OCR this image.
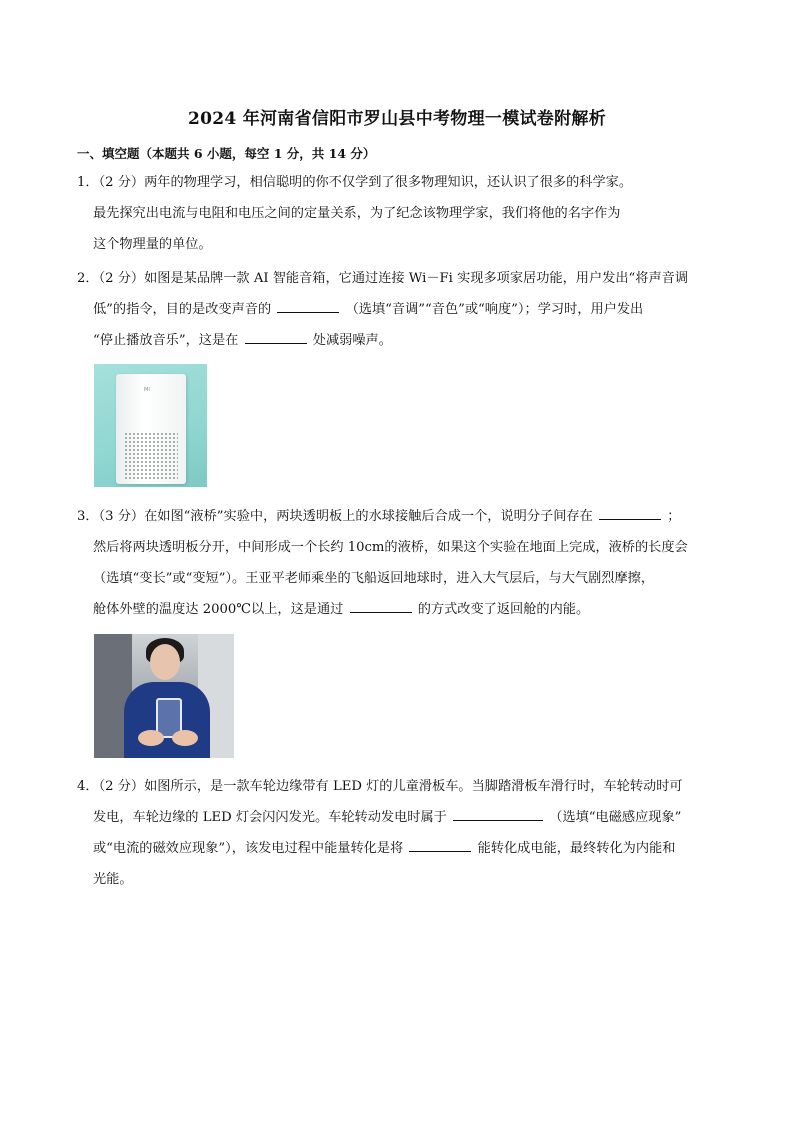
2024 年河南省信阳市罗山县中考物理一模试卷附解析
一、填空题（本题共 6 小题，每空 1 分，共 14 分）
1．（2 分）两年的物理学习，相信聪明的你不仅学到了很多物理知识，还认识了很多的科学家。
最先探究出电流与电阻和电压之间的定量关系，为了纪念该物理学家，我们将他的名字作为
这个物理量的单位。
2．（2 分）如图是某品牌一款 AI 智能音箱，它通过连接 Wi－Fi 实现多项家居功能，用户发出“将声音调
低”的指令，目的是改变声音的	（选填“音调”“音色”或“响度”）；学习时，用户发出
“停止播放音乐”，这是在	处减弱噪声。
MI
3．（3 分）在如图“液桥”实验中，两块透明板上的水球接触后合成一个，说明分子间存在	；
然后将两块透明板分开，中间形成一个长约 10cm的液桥，如果这个实验在地面上完成，液桥的长度会
（选填“变长”或“变短”）。王亚平老师乘坐的飞船返回地球时，进入大气层后，与大气剧烈摩擦，
舱体外壁的温度达 2000℃以上，这是通过	的方式改变了返回舱的内能。
4．（2 分）如图所示，是一款车轮边缘带有 LED 灯的儿童滑板车。当脚踏滑板车滑行时，车轮转动时可
发电，车轮边缘的 LED 灯会闪闪发光。车轮转动发电时属于	（选填“电磁感应现象”
或“电流的磁效应现象”），该发电过程中能量转化是将	能转化成电能，最终转化为内能和
光能。
